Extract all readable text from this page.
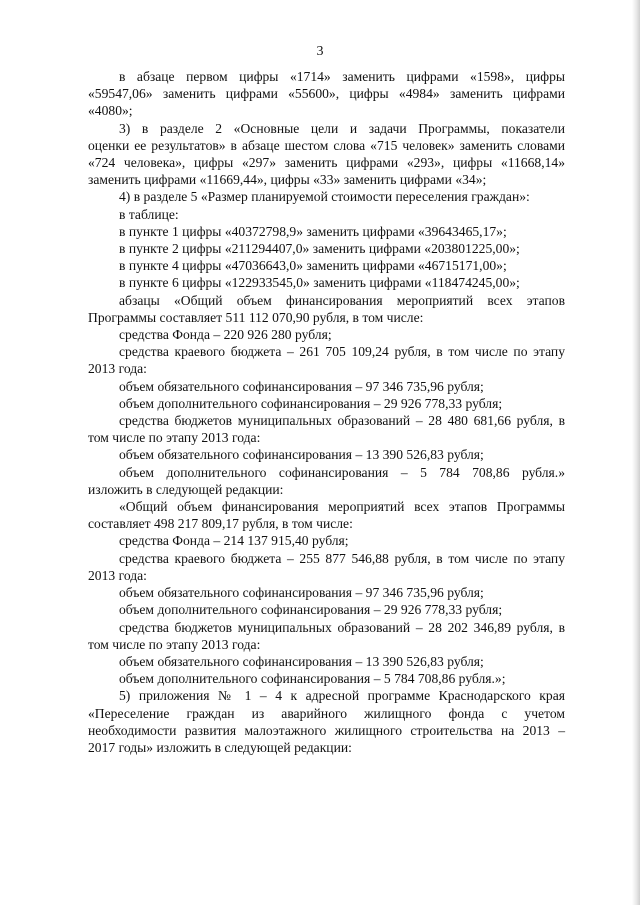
3
в абзаце первом цифры «1714» заменить цифрами «1598», цифры
«59547,06» заменить цифрами «55600», цифры «4984» заменить цифрами
«4080»;
3) в разделе 2 «Основные цели и задачи Программы, показатели
оценки ее результатов» в абзаце шестом слова «715 человек» заменить словами
«724 человека», цифры «297» заменить цифрами «293», цифры «11668,14»
заменить цифрами «11669,44», цифры «33» заменить цифрами «34»;
4) в разделе 5 «Размер планируемой стоимости переселения граждан»:
в таблице:
в пункте 1 цифры «40372798,9» заменить цифрами «39643465,17»;
в пункте 2 цифры «211294407,0» заменить цифрами «203801225,00»;
в пункте 4 цифры «47036643,0» заменить цифрами «46715171,00»;
в пункте 6 цифры «122933545,0» заменить цифрами «118474245,00»;
абзацы «Общий объем финансирования мероприятий всех этапов
Программы составляет 511 112 070,90 рубля, в том числе:
средства Фонда – 220 926 280 рубля;
средства краевого бюджета – 261 705 109,24 рубля, в том числе по этапу
2013 года:
объем обязательного софинансирования – 97 346 735,96 рубля;
объем дополнительного софинансирования – 29 926 778,33 рубля;
средства бюджетов муниципальных образований – 28 480 681,66 рубля, в
том числе по этапу 2013 года:
объем обязательного софинансирования – 13 390 526,83 рубля;
объем дополнительного софинансирования – 5 784 708,86 рубля.»
изложить в следующей редакции:
«Общий объем финансирования мероприятий всех этапов Программы
составляет 498 217 809,17 рубля, в том числе:
средства Фонда – 214 137 915,40 рубля;
средства краевого бюджета – 255 877 546,88 рубля, в том числе по этапу
2013 года:
объем обязательного софинансирования – 97 346 735,96 рубля;
объем дополнительного софинансирования – 29 926 778,33 рубля;
средства бюджетов муниципальных образований – 28 202 346,89 рубля, в
том числе по этапу 2013 года:
объем обязательного софинансирования – 13 390 526,83 рубля;
объем дополнительного софинансирования – 5 784 708,86 рубля.»;
5) приложения № 1 – 4 к адресной программе Краснодарского края
«Переселение граждан из аварийного жилищного фонда с учетом
необходимости развития малоэтажного жилищного строительства на 2013 –
2017 годы» изложить в следующей редакции:
